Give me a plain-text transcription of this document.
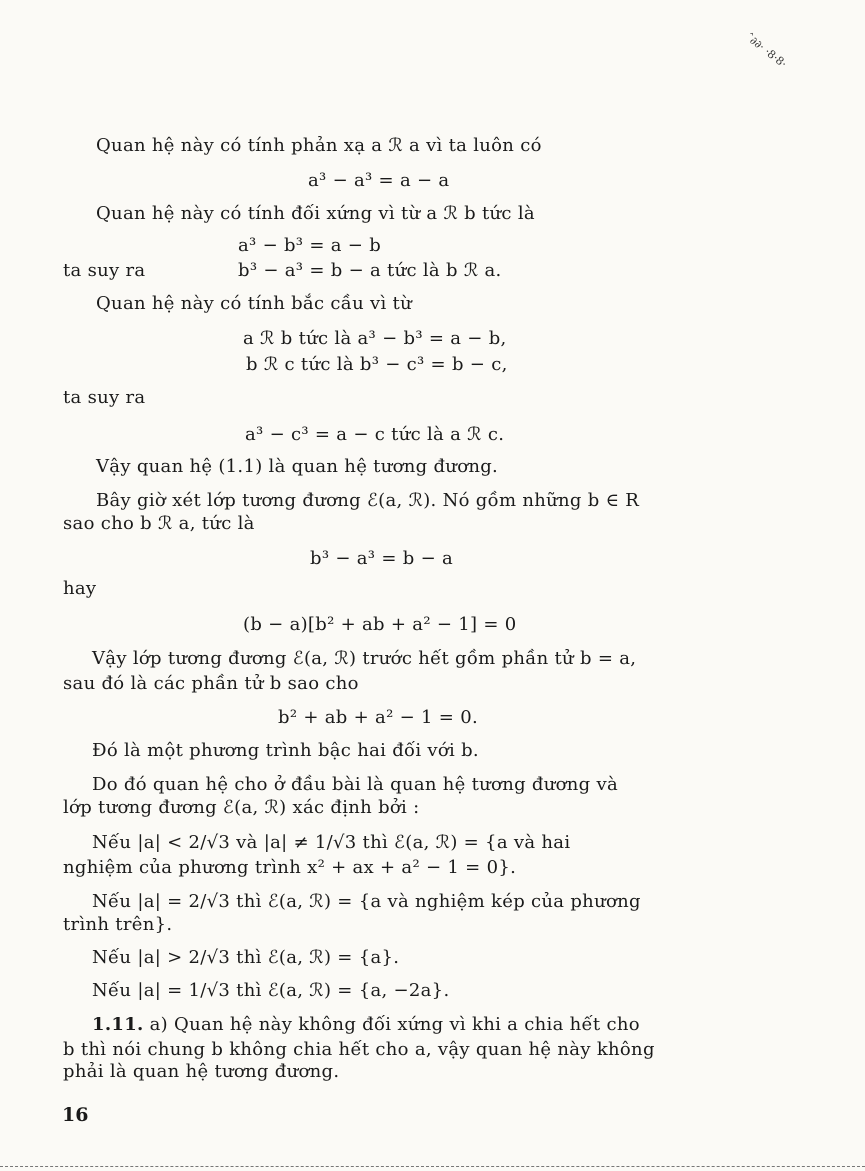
ˆ∂∂· ·8·8·
Quan hệ này có tính phản xạ a ℛ a vì ta luôn có
a³ − a³ = a − a
Quan hệ này có tính đối xứng vì từ a ℛ b tức là
a³ − b³ = a − b
ta suy ra	b³ − a³ = b − a tức là b ℛ a.
Quan hệ này có tính bắc cầu vì từ
a ℛ b tức là a³ − b³ = a − b,
b ℛ c tức là b³ − c³ = b − c,
ta suy ra
a³ − c³ = a − c tức là a ℛ c.
Vậy quan hệ (1.1) là quan hệ tương đương.
Bây giờ xét lớp tương đương ℰ(a, ℛ). Nó gồm những b ∈ R
sao cho b ℛ a, tức là
b³ − a³ = b − a
hay
(b − a)[b² + ab + a² − 1] = 0
Vậy lớp tương đương ℰ(a, ℛ) trước hết gồm phần tử b = a,
sau đó là các phần tử b sao cho
b² + ab + a² − 1 = 0.
Đó là một phương trình bậc hai đối với b.
Do đó quan hệ cho ở đầu bài là quan hệ tương đương và
lớp tương đương ℰ(a, ℛ) xác định bởi :
Nếu |a| < 2/√3 và |a| ≠ 1/√3 thì ℰ(a, ℛ) = {a và hai
nghiệm của phương trình x² + ax + a² − 1 = 0}.
Nếu |a| = 2/√3 thì ℰ(a, ℛ) = {a và nghiệm kép của phương
trình trên}.
Nếu |a| > 2/√3 thì ℰ(a, ℛ) = {a}.
Nếu |a| = 1/√3 thì ℰ(a, ℛ) = {a, −2a}.
1.11. a) Quan hệ này không đối xứng vì khi a chia hết cho
b thì nói chung b không chia hết cho a, vậy quan hệ này không
phải là quan hệ tương đương.
16
